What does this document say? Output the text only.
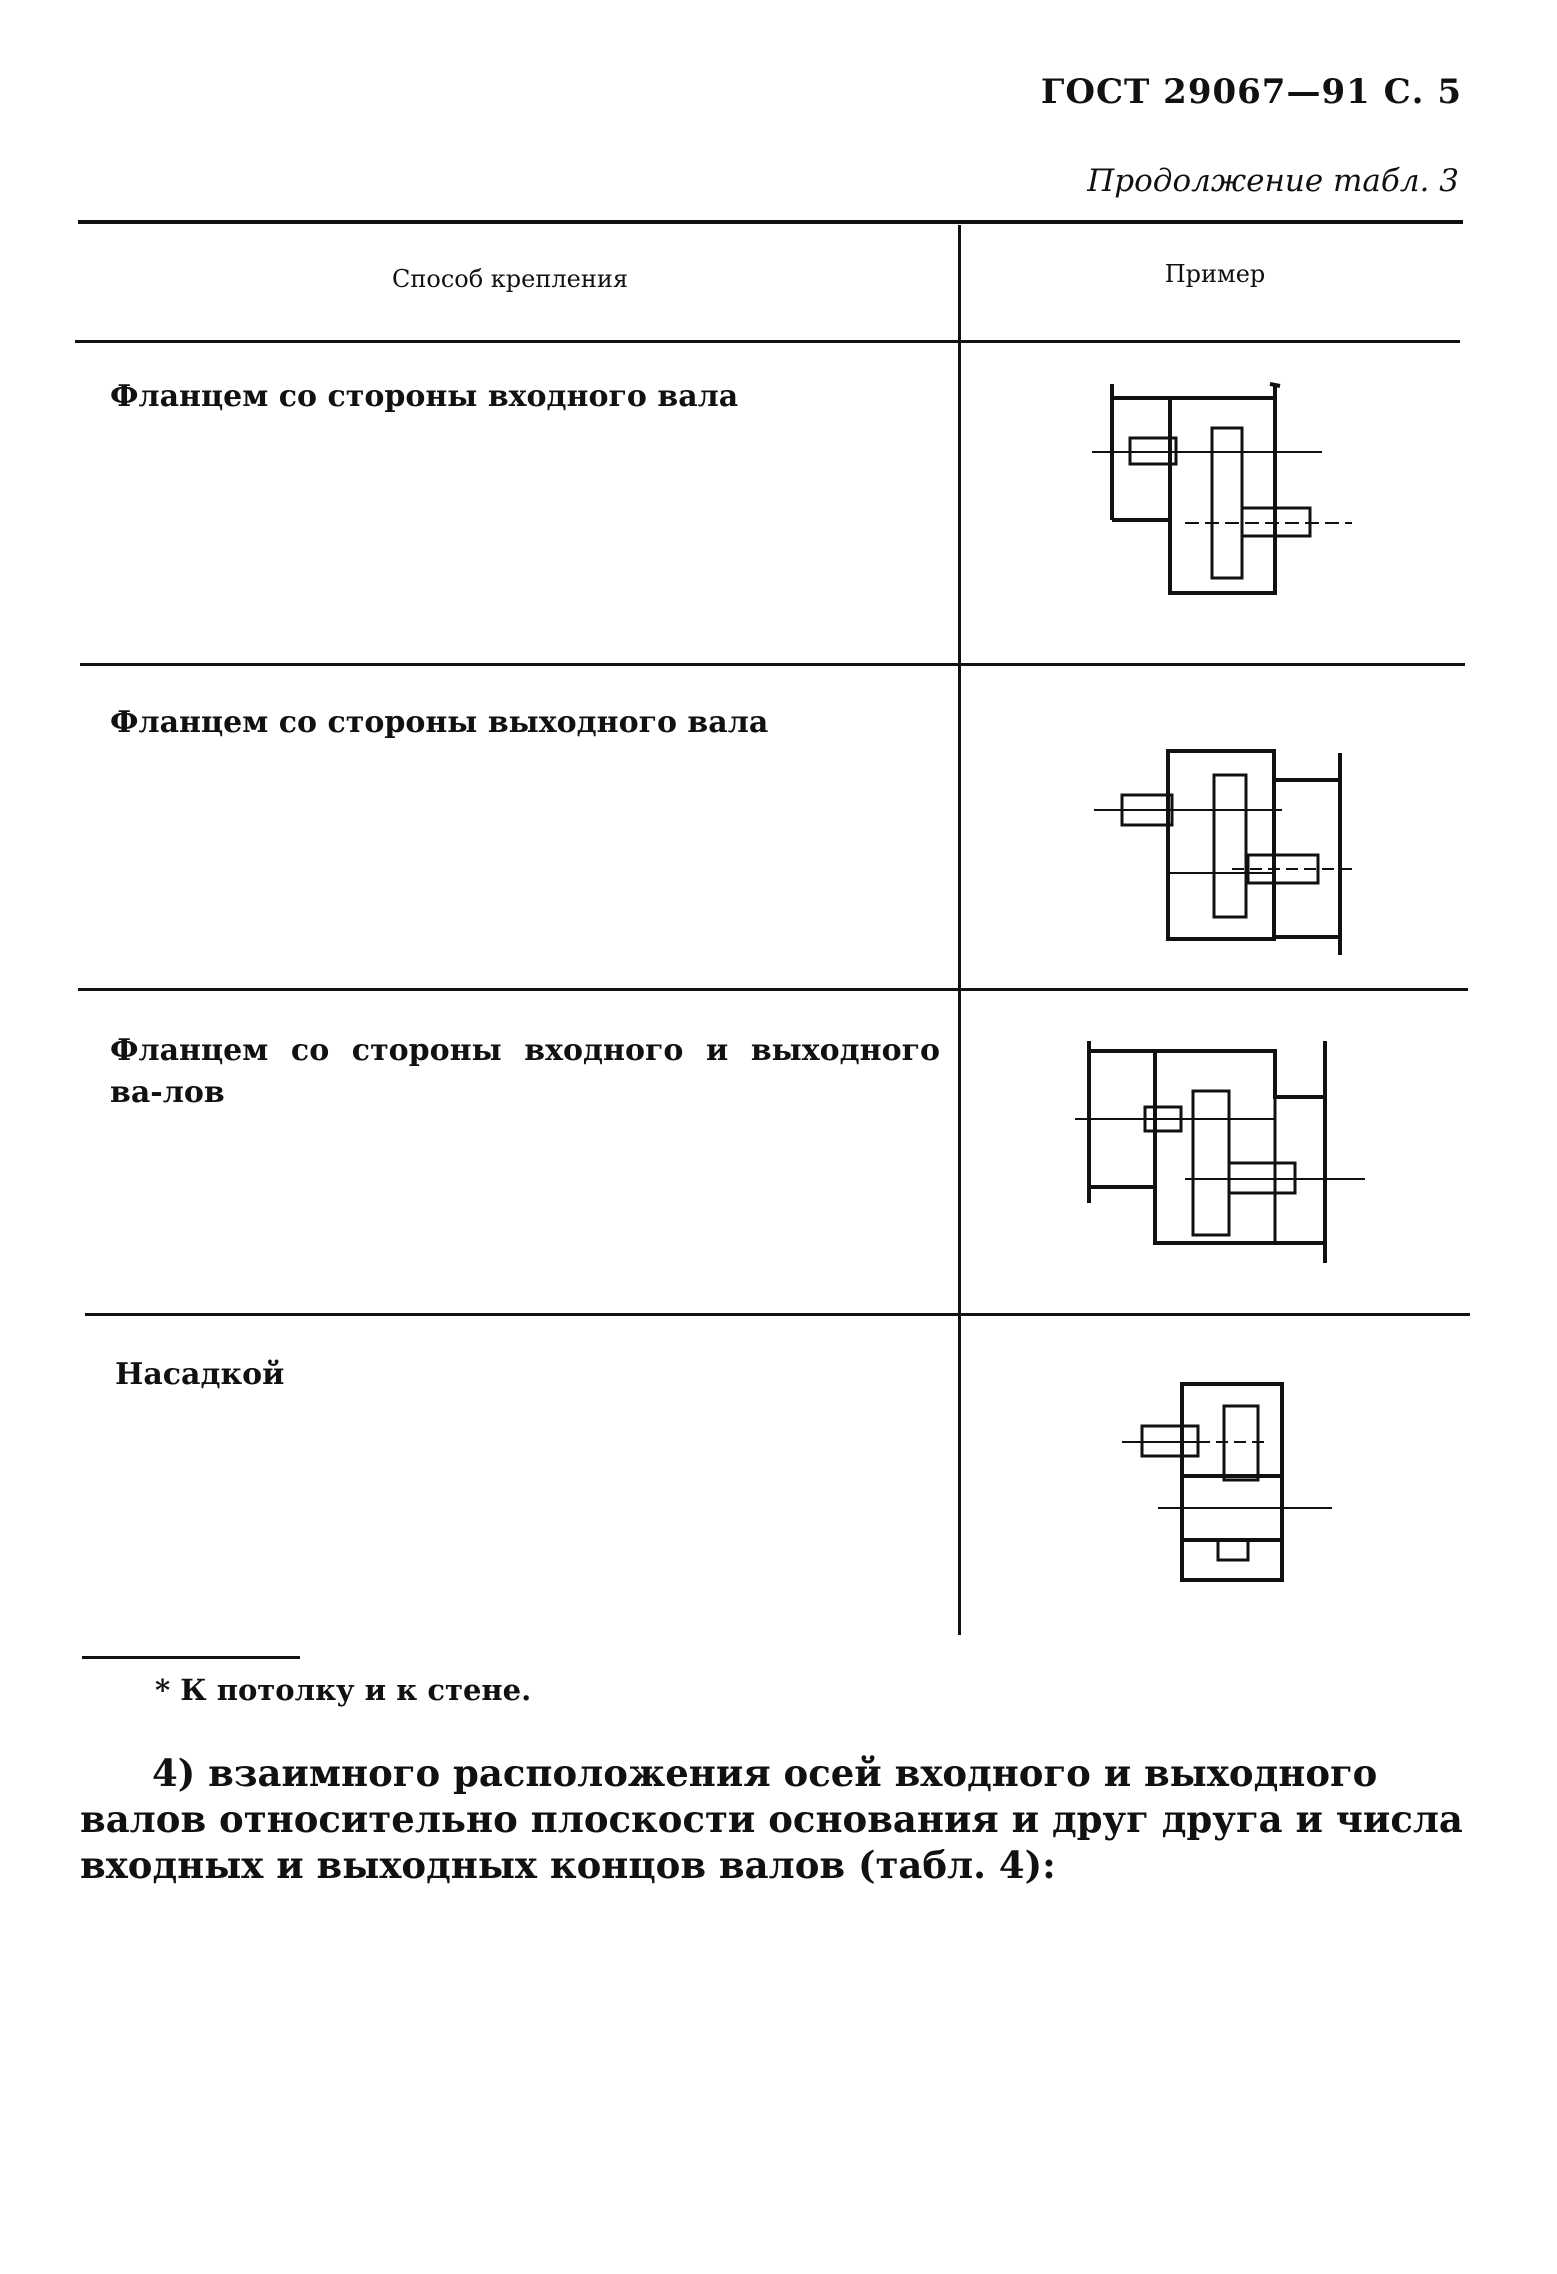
ГОСТ 29067—91 С. 5
Продолжение табл. 3
Способ крепления	Пример
Фланцем со стороны входного вала
Фланцем со стороны выходного вала
Фланцем со стороны входного и выходного ва-лов
Насадкой
* К потолку и к стене.
4) взаимного расположения осей входного и выходного валов относительно плоскости основания и друг друга и числа входных и выходных концов валов (табл. 4):
